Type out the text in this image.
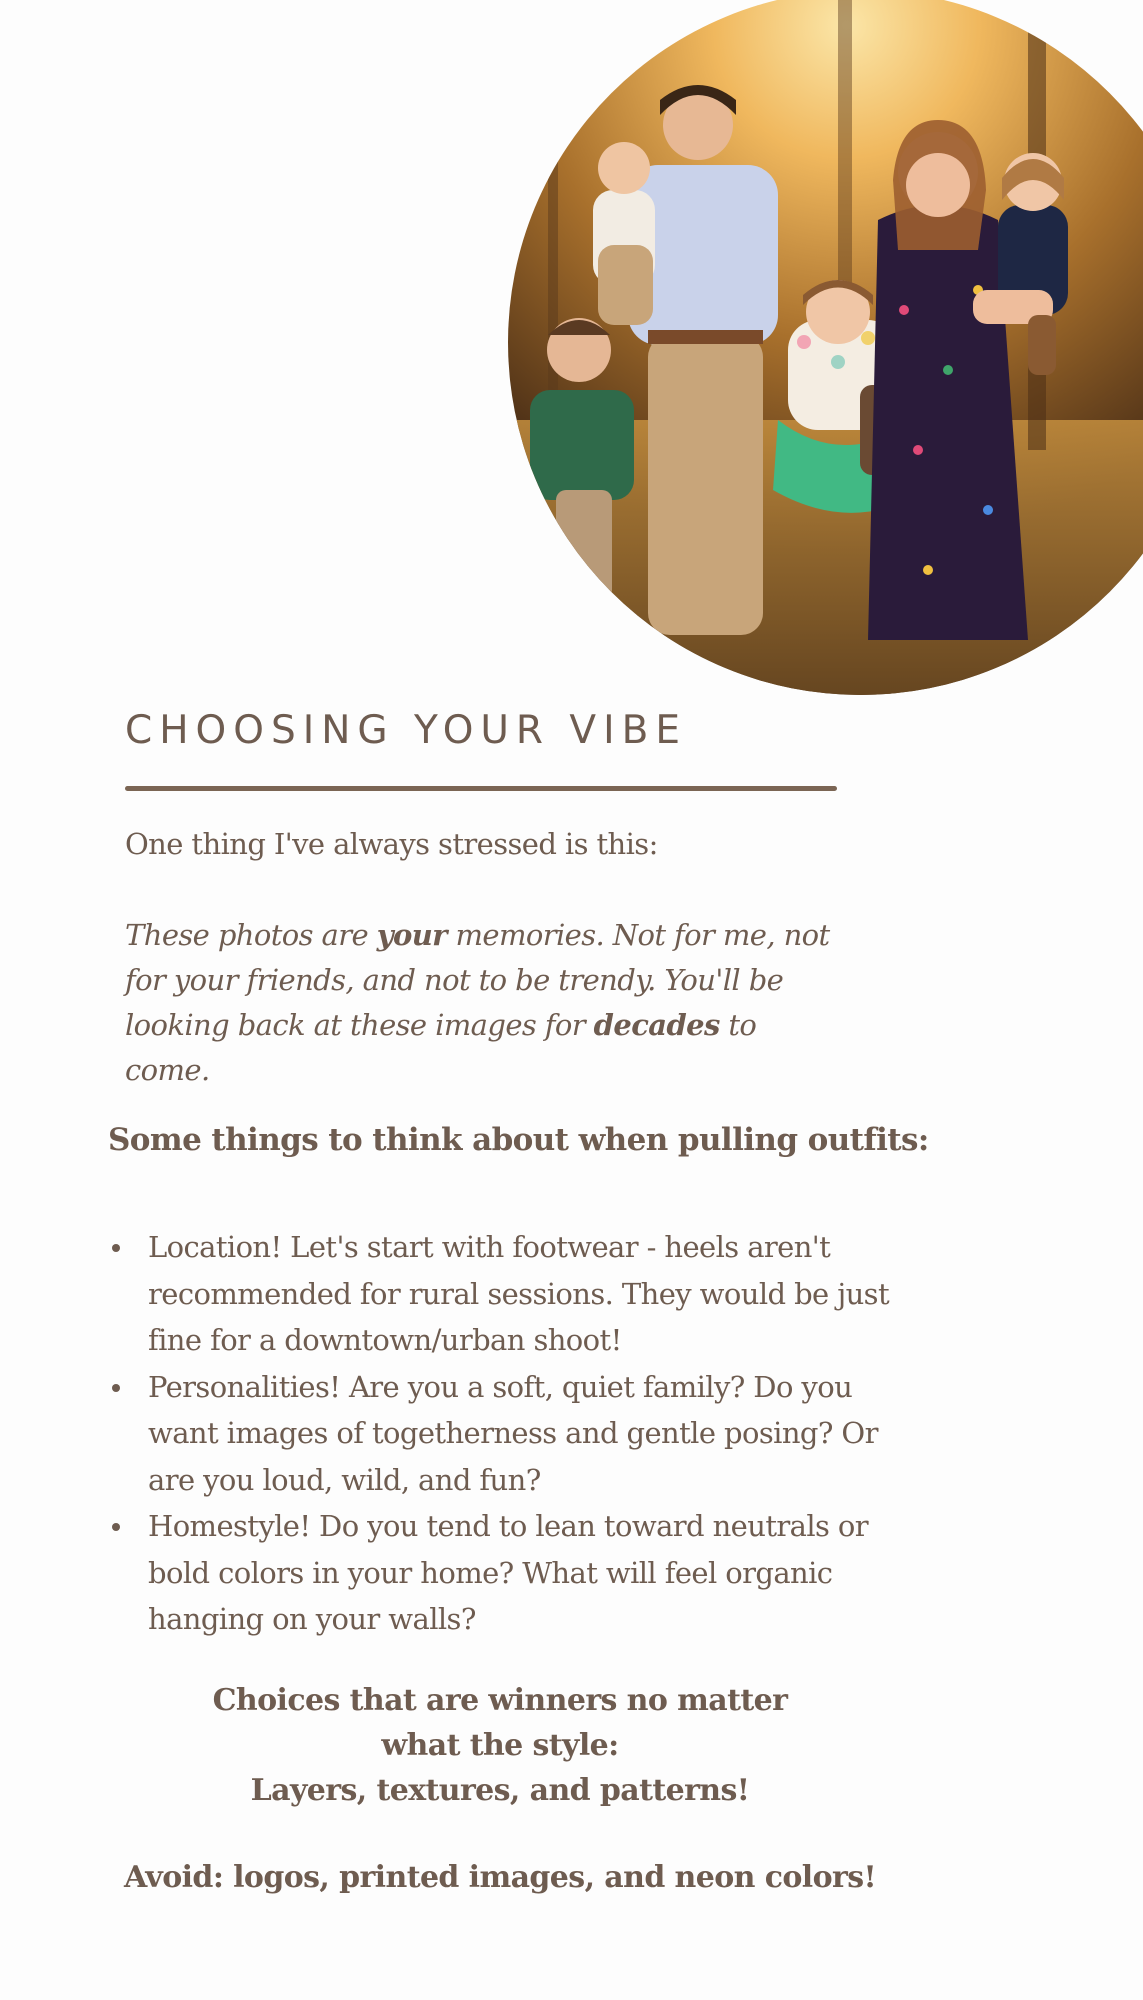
CHOOSING YOUR VIBE

One thing I've always stressed is this:

These photos are your memories. Not for me, not
for your friends, and not to be trendy. You'll be
looking back at these images for decades to come.

Some things to think about when pulling outfits:
Location! Let's start with footwear - heels aren't
recommended for rural sessions. They would be just
fine for a downtown/urban shoot!
Personalities! Are you a soft, quiet family? Do you
want images of togetherness and gentle posing? Or
are you loud, wild, and fun?
Homestyle! Do you tend to lean toward neutrals or
bold colors in your home? What will feel organic
hanging on your walls?
Choices that are winners no matter
what the style:
Layers, textures, and patterns!
Avoid: logos, printed images, and neon colors!
